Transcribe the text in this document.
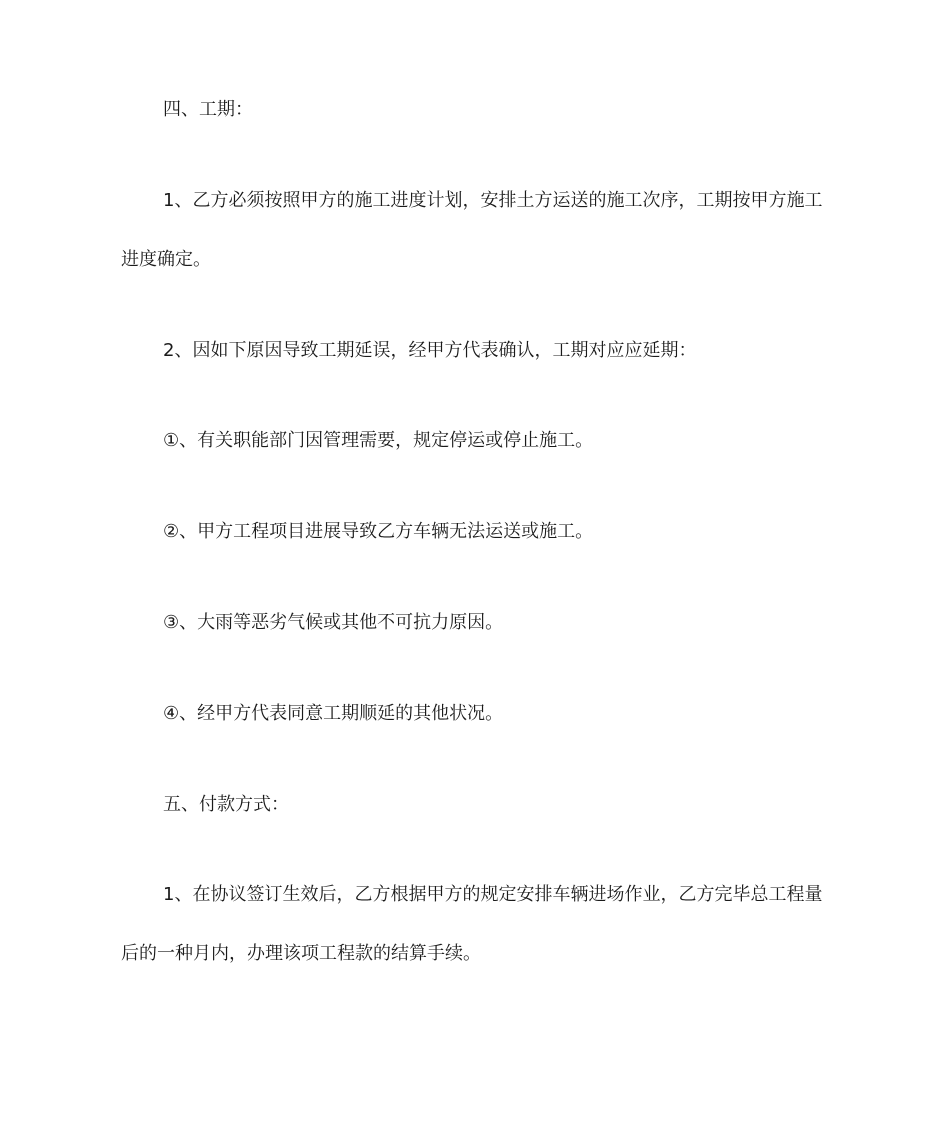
四、工期：

1、乙方必须按照甲方的施工进度计划，安排土方运送的施工次序，工期按甲方施工进度确定。

2、因如下原因导致工期延误，经甲方代表确认，工期对应应延期：

①、有关职能部门因管理需要，规定停运或停止施工。

②、甲方工程项目进展导致乙方车辆无法运送或施工。

③、大雨等恶劣气候或其他不可抗力原因。

④、经甲方代表同意工期顺延的其他状况。

五、付款方式：

1、在协议签订生效后，乙方根据甲方的规定安排车辆进场作业，乙方完毕总工程量后的一种月内，办理该项工程款的结算手续。
